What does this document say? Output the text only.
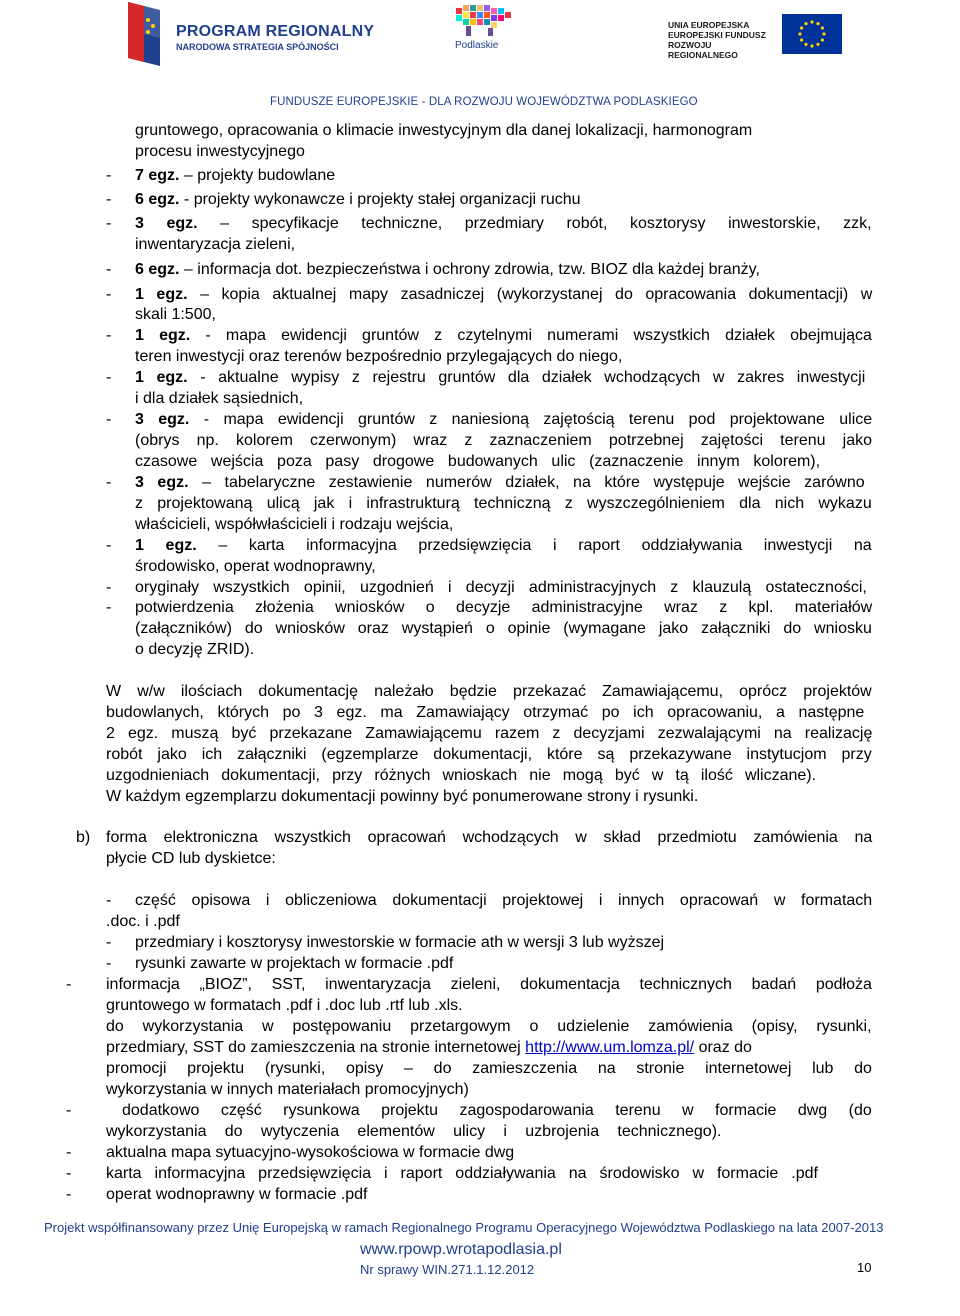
PROGRAM REGIONALNY
NARODOWA STRATEGIA SPÓJNOŚCI	Podlaskie
UNIA EUROPEJSKA
EUROPEJSKI FUNDUSZ
ROZWOJU REGIONALNEGO
FUNDUSZE EUROPEJSKIE - DLA ROZWOJU WOJEWÓDZTWA PODLASKIEGO
gruntowego, opracowania o klimacie inwestycyjnym dla danej lokalizacji, harmonogram
procesu inwestycyjnego
- 7 egz. – projekty budowlane
- 6 egz. - projekty wykonawcze i projekty stałej organizacji ruchu
- 3 egz. – specyfikacje techniczne, przedmiary robót, kosztorysy inwestorskie, zzk,
inwentaryzacja zieleni,
- 6 egz. – informacja dot. bezpieczeństwa i ochrony zdrowia, tzw. BIOZ dla każdej branży,
- 1 egz. – kopia aktualnej mapy zasadniczej (wykorzystanej do opracowania dokumentacji) w
skali 1:500,
- 1 egz. - mapa ewidencji gruntów z czytelnymi numerami wszystkich działek obejmująca
teren inwestycji oraz terenów bezpośrednio przylegających do niego,
- 1 egz. - aktualne wypisy z rejestru gruntów dla działek wchodzących w zakres inwestycji
i dla działek sąsiednich,
- 3 egz. - mapa ewidencji gruntów z naniesioną zajętością terenu pod projektowane ulice
(obrys np. kolorem czerwonym) wraz z zaznaczeniem potrzebnej zajętości terenu jako
czasowe wejścia poza pasy drogowe budowanych ulic (zaznaczenie innym kolorem),
- 3 egz. – tabelaryczne zestawienie numerów działek, na które występuje wejście zarówno
z projektowaną ulicą jak i infrastrukturą techniczną z wyszczególnieniem dla nich wykazu
właścicieli, współwłaścicieli i rodzaju wejścia,
- 1 egz. – karta informacyjna przedsięwzięcia i raport oddziaływania inwestycji na
środowisko, operat wodnoprawny,
- oryginały wszystkich opinii, uzgodnień i decyzji administracyjnych z klauzulą ostateczności,
- potwierdzenia złożenia wniosków o decyzje administracyjne wraz z kpl. materiałów
(załączników) do wniosków oraz wystąpień o opinie (wymagane jako załączniki do wniosku
o decyzję ZRID).
W w/w ilościach dokumentację należało będzie przekazać Zamawiającemu, oprócz projektów
budowlanych, których po 3 egz. ma Zamawiający otrzymać po ich opracowaniu, a następne
2 egz. muszą być przekazane Zamawiającemu razem z decyzjami zezwalającymi na realizację
robót jako ich załączniki (egzemplarze dokumentacji, które są przekazywane instytucjom przy
uzgodnieniach dokumentacji, przy różnych wnioskach nie mogą być w tą ilość wliczane).
W każdym egzemplarzu dokumentacji powinny być ponumerowane strony i rysunki.
b) forma elektroniczna wszystkich opracowań wchodzących w skład przedmiotu zamówienia na
płycie CD lub dyskietce:
- część opisowa i obliczeniowa dokumentacji projektowej i innych opracowań w formatach
.doc. i .pdf
- przedmiary i kosztorysy inwestorskie w formacie ath w wersji 3 lub wyższej
- rysunki zawarte w projektach w formacie .pdf
- informacja „BIOZ”, SST, inwentaryzacja zieleni, dokumentacja technicznych badań podłoża
gruntowego w formatach .pdf i .doc lub .rtf lub .xls.
do wykorzystania w postępowaniu przetargowym o udzielenie zamówienia (opisy, rysunki,
przedmiary, SST do zamieszczenia na stronie internetowej http://www.um.lomza.pl/ oraz do
promocji projektu (rysunki, opisy – do zamieszczenia na stronie internetowej lub do
wykorzystania w innych materiałach promocyjnych)
-	dodatkowo część rysunkowa projektu zagospodarowania terenu w formacie dwg (do
wykorzystania do wytyczenia elementów ulicy i uzbrojenia technicznego).
- aktualna mapa sytuacyjno-wysokościowa w formacie dwg
- karta informacyjna przedsięwzięcia i raport oddziaływania na środowisko w formacie .pdf
- operat wodnoprawny w formacie .pdf
Projekt współfinansowany przez Unię Europejską w ramach Regionalnego Programu Operacyjnego Województwa Podlaskiego na lata 2007-2013
www.rpowp.wrotapodlasia.pl
Nr sprawy WIN.271.1.12.2012	10
